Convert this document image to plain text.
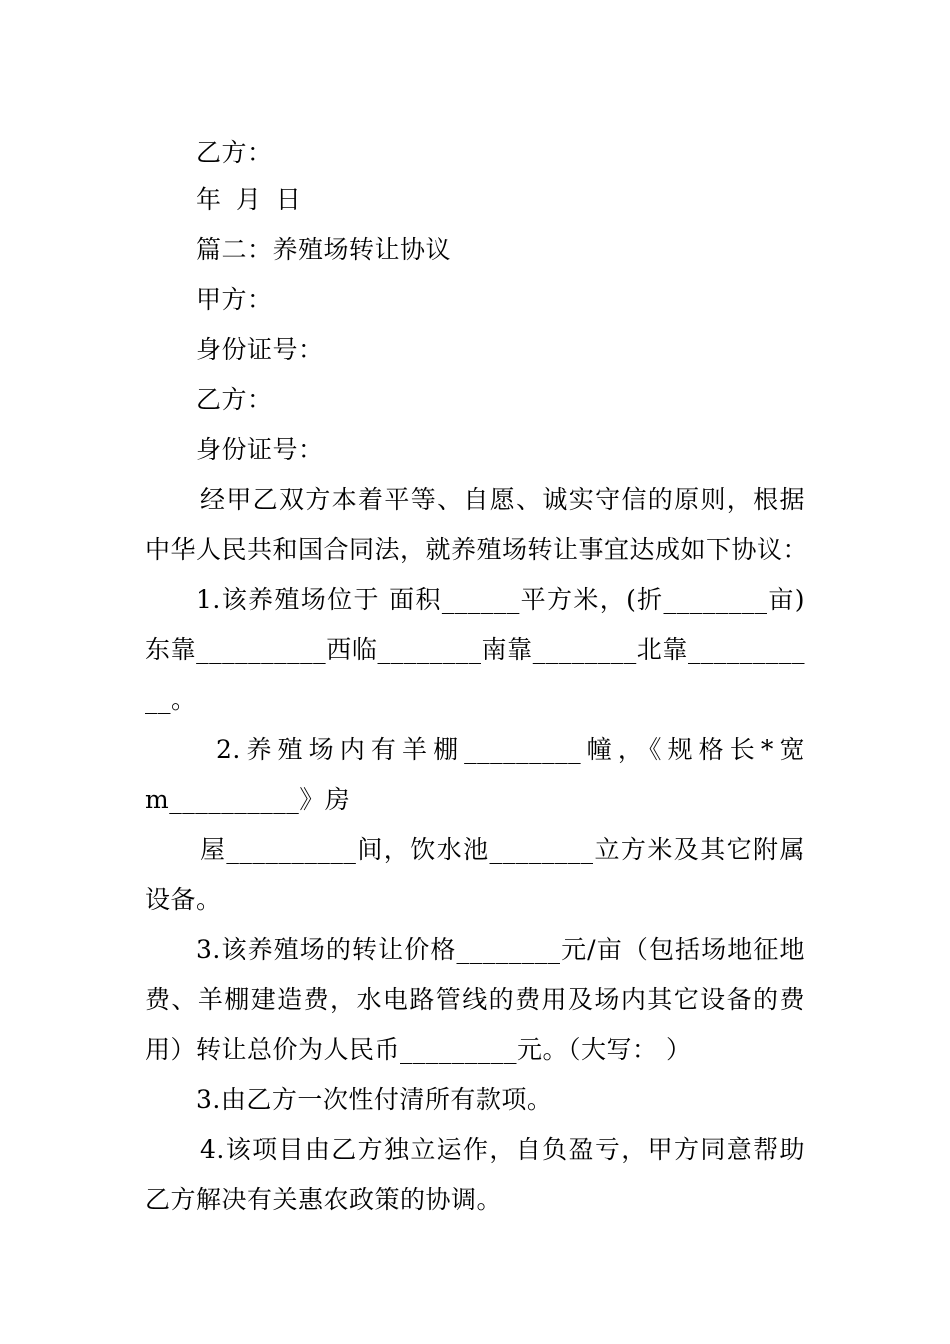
乙方：
年 月 日
篇二：养殖场转让协议
甲方：
身份证号：
乙方：
身份证号：
经甲乙双方本着平等、自愿、诚实守信的原则，根据
中华人民共和国合同法，就养殖场转让事宜达成如下协议：
1.该养殖场位于 面积______平方米，(折________亩)
东靠__________西临________南靠________北靠_________
__。
2.养殖场内有羊棚_________幢，《规格长*宽
m__________》房
屋__________间，饮水池________立方米及其它附属
设备。
3.该养殖场的转让价格________元/亩（包括场地征地
费、羊棚建造费，水电路管线的费用及场内其它设备的费
用）转让总价为人民币_________元。（大写： ）
3.由乙方一次性付清所有款项。
4.该项目由乙方独立运作，自负盈亏，甲方同意帮助
乙方解决有关惠农政策的协调。
